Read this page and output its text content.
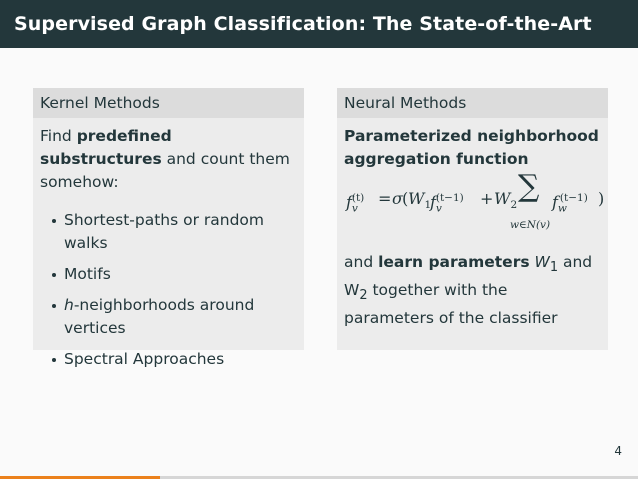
Supervised Graph Classification: The State-of-the-Art
Kernel Methods
Find predefined substructures and count them somehow:
Shortest-paths or random walks
Motifs
h-neighborhoods around vertices
Spectral Approaches
Neural Methods
Parameterized neighborhood aggregation function
$f_v^{(t)} = \sigma$ ( $W_1$
$f_v^{(t-1)}$	+ $W_2$
∑
w∈N(v)
$f_w^{(t-1)}$ )
and learn parameters $W_1$ and $W_2$ together with the parameters of the classifier
4
